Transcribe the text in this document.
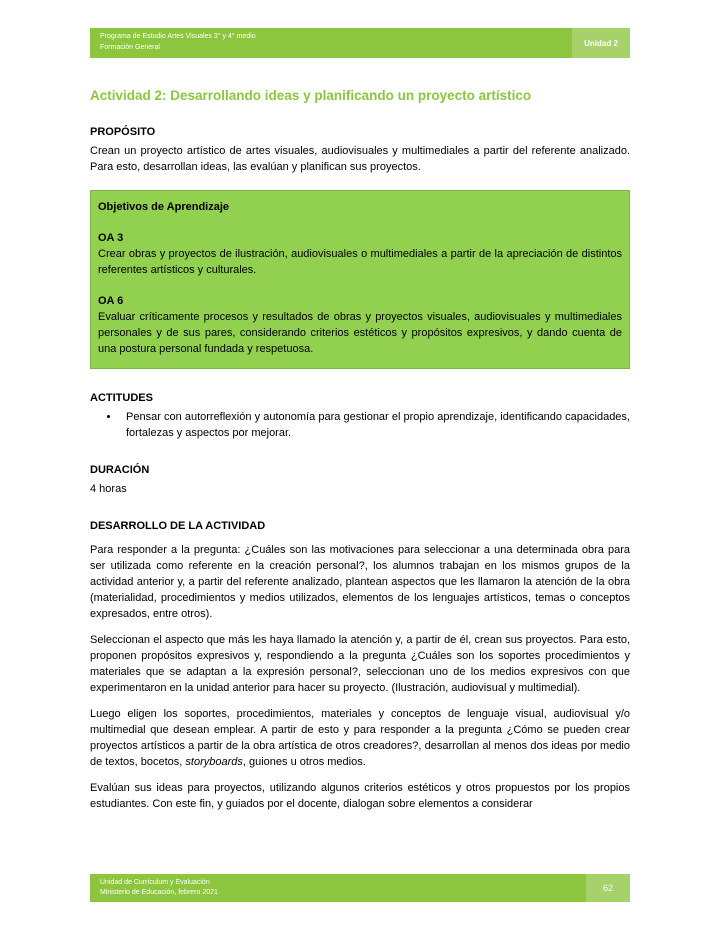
Programa de Estudio Artes Visuales 3° y 4° medio
Formación General	Unidad 2
Actividad 2: Desarrollando ideas y planificando un proyecto artístico
PROPÓSITO

Crean un proyecto artístico de artes visuales, audiovisuales y multimediales a partir del referente analizado. Para esto, desarrollan ideas, las evalúan y planifican sus proyectos.

Objetivos de Aprendizaje
OA 3

Crear obras y proyectos de ilustración, audiovisuales o multimediales a partir de la apreciación de distintos referentes artísticos y culturales.

OA 6

Evaluar críticamente procesos y resultados de obras y proyectos visuales, audiovisuales y multimediales personales y de sus pares, considerando criterios estéticos y propósitos expresivos, y dando cuenta de una postura personal fundada y respetuosa.

ACTITUDES
• Pensar con autorreflexión y autonomía para gestionar el propio aprendizaje, identificando capacidades, fortalezas y aspectos por mejorar.
DURACIÓN

4 horas

DESARROLLO DE LA ACTIVIDAD

Para responder a la pregunta: ¿Cuáles son las motivaciones para seleccionar a una determinada obra para ser utilizada como referente en la creación personal?, los alumnos trabajan en los mismos grupos de la actividad anterior y, a partir del referente analizado, plantean aspectos que les llamaron la atención de la obra (materialidad, procedimientos y medios utilizados, elementos de los lenguajes artísticos, temas o conceptos expresados, entre otros).

Seleccionan el aspecto que más les haya llamado la atención y, a partir de él, crean sus proyectos. Para esto, proponen propósitos expresivos y, respondiendo a la pregunta ¿Cuáles son los soportes procedimientos y materiales que se adaptan a la expresión personal?, seleccionan uno de los medios expresivos con que experimentaron en la unidad anterior para hacer su proyecto. (Ilustración, audiovisual y multimedial).

Luego eligen los soportes, procedimientos, materiales y conceptos de lenguaje visual, audiovisual y/o multimedial que desean emplear. A partir de esto y para responder a la pregunta ¿Cómo se pueden crear proyectos artísticos a partir de la obra artística de otros creadores?, desarrollan al menos dos ideas por medio de textos, bocetos, storyboards, guiones u otros medios.

Evalúan sus ideas para proyectos, utilizando algunos criterios estéticos y otros propuestos por los propios estudiantes. Con este fin, y guiados por el docente, dialogan sobre elementos a considerar

Unidad de Currículum y Evaluación
Ministerio de Educación, febrero 2021	62
